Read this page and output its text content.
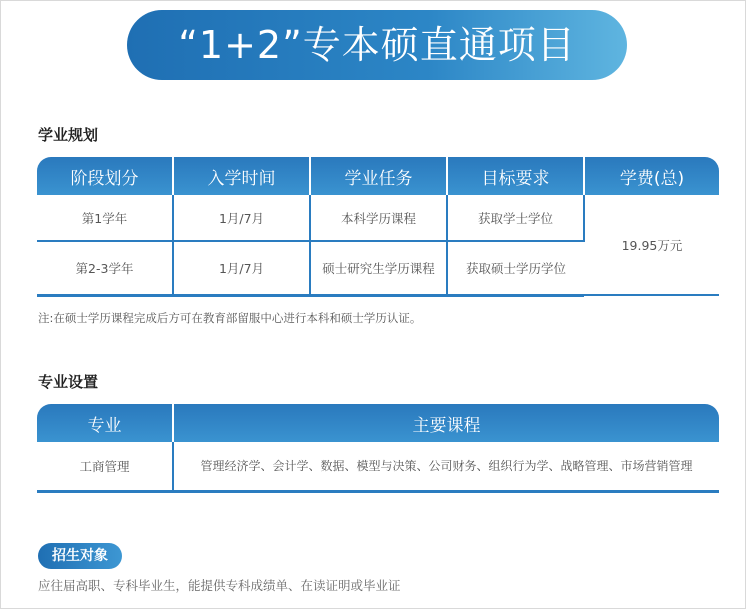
“1+2”专本硕直通项目
学业规划
阶段划分	入学时间	学业任务	目标要求	学费(总)
第1学年	1月/7月	本科学历课程	获取学士学位	19.95万元
第2-3学年	1月/7月	硕士研究生学历课程	获取硕士学历学位	
注:在硕士学历课程完成后方可在教育部留服中心进行本科和硕士学历认证。
专业设置
专业	主要课程
工商管理	管理经济学、会计学、数据、模型与决策、公司财务、组织行为学、战略管理、市场营销管理
招生对象
应往届高职、专科毕业生，能提供专科成绩单、在读证明或毕业证
